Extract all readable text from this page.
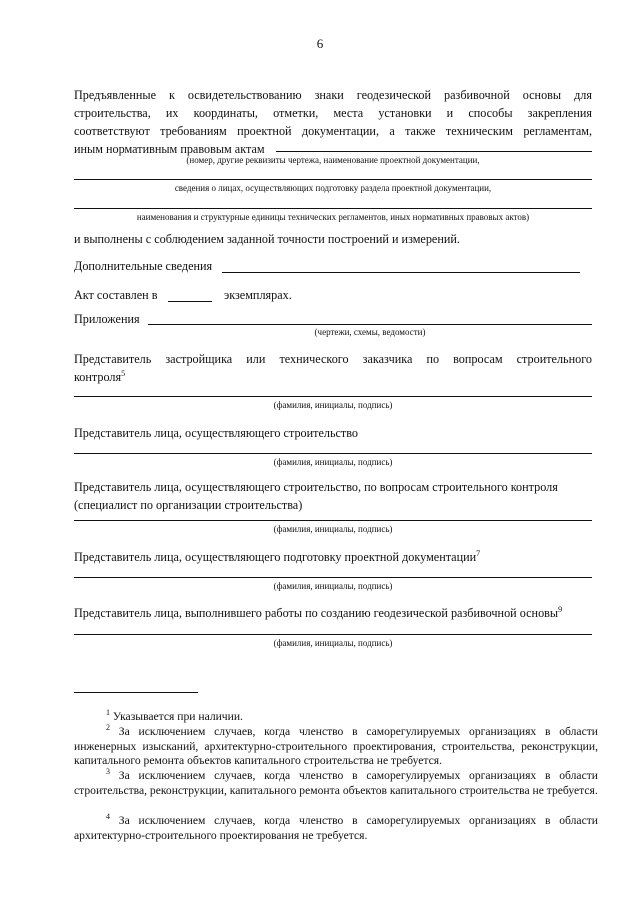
6
Предъявленные к освидетельствованию знаки геодезической разбивочной основы для
строительства, их координаты, отметки, места установки и способы закрепления
соответствуют требованиям проектной документации, а также техническим регламентам,
иным нормативным правовым актам
(номер, другие реквизиты чертежа, наименование проектной документации,
сведения о лицах, осуществляющих подготовку раздела проектной документации,
наименования и структурные единицы технических регламентов, иных нормативных правовых актов)
и выполнены с соблюдением заданной точности построений и измерений.
Дополнительные сведения
Акт составлен в	экземплярах.
Приложения
(чертежи, схемы, ведомости)
Представитель застройщика или технического заказчика по вопросам строительного
контроля$^5$
(фамилия, инициалы, подпись)
Представитель лица, осуществляющего строительство
(фамилия, инициалы, подпись)
Представитель лица, осуществляющего строительство, по вопросам строительного контроля
(специалист по организации строительства)
(фамилия, инициалы, подпись)
Представитель лица, осуществляющего подготовку проектной документации$^7$
(фамилия, инициалы, подпись)
Представитель лица, выполнившего работы по созданию геодезической разбивочной основы$^9$
(фамилия, инициалы, подпись)
$^1$ Указывается при наличии.
$^2$ За исключением случаев, когда членство в саморегулируемых организациях в области инженерных изысканий, архитектурно-строительного проектирования, строительства, реконструкции, капитального ремонта объектов капитального строительства не требуется.
$^3$ За исключением случаев, когда членство в саморегулируемых организациях в области строительства, реконструкции, капитального ремонта объектов капитального строительства не требуется.
$^4$ За исключением случаев, когда членство в саморегулируемых организациях в области архитектурно-строительного проектирования не требуется.
